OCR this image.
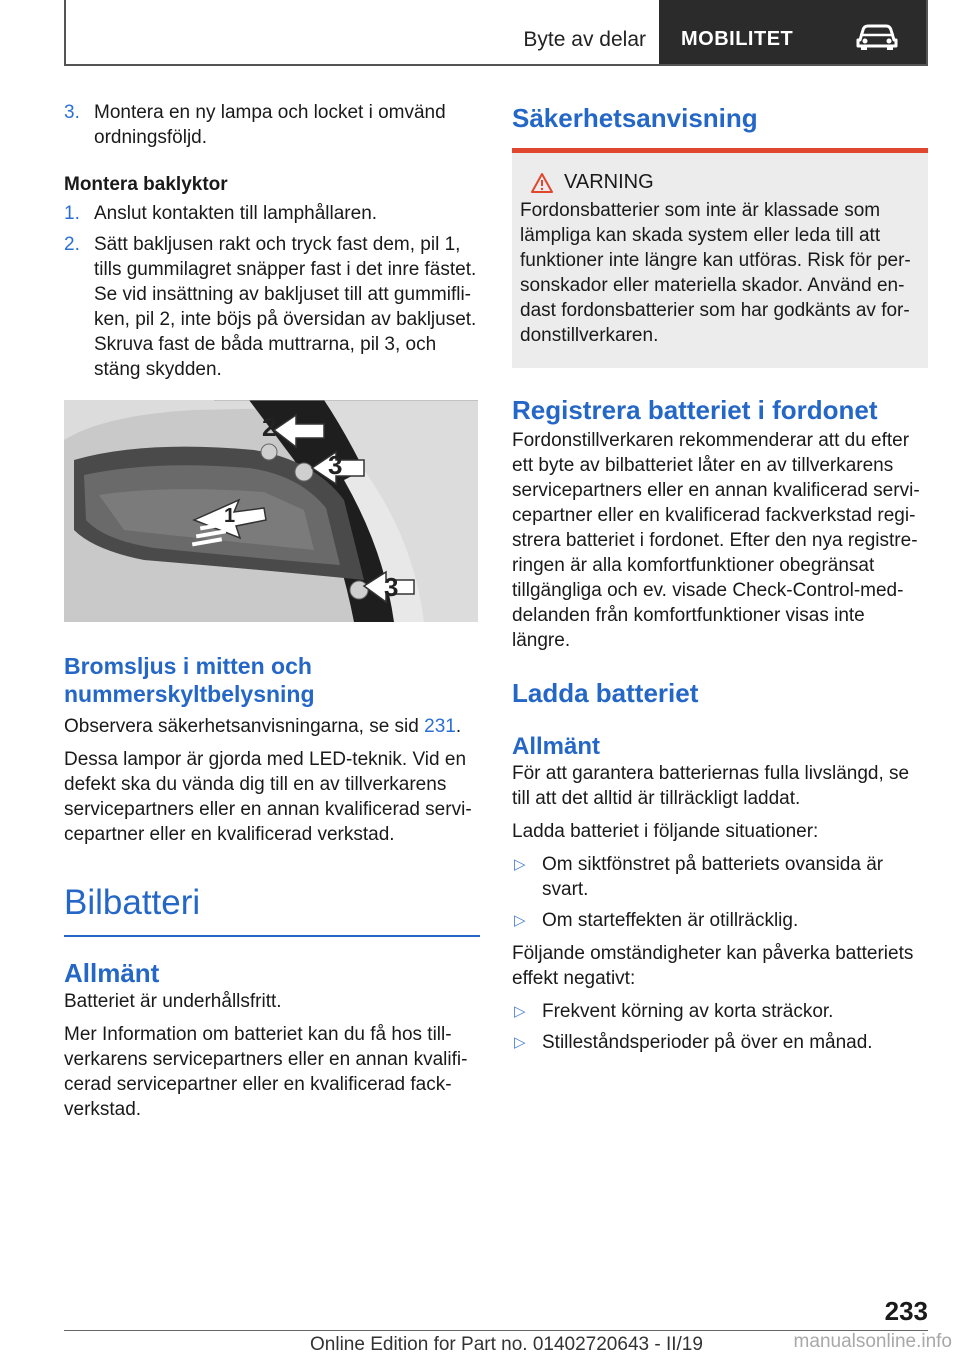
Byte av delar MOBILITET
3. Montera en ny lampa och locket i omvänd ordningsföljd.

Montera baklyktor

1. Anslut kontakten till lamphållaren.
2. Sätt bakljusen rakt och tryck fast dem, pil 1, tills gummilagret snäpper fast i det inre fästet. Se vid insättning av bakljuset till att gummifliken, pil 2, inte böjs på översidan av bakljuset. Skruva fast de båda muttrarna, pil 3, och stäng skydden.
2
3
1
3
Bromsljus i mitten och
nummerskyltbelysning

Observera säkerhetsanvisningarna, se sid 231.

Dessa lampor är gjorda med LED-teknik. Vid en defekt ska du vända dig till en av tillverkarens servicepartners eller en annan kvalificerad servicepartner eller en kvalificerad verkstad.

Bilbatteri
Allmänt

Batteriet är underhållsfritt.

Mer Information om batteriet kan du få hos tillverkarens servicepartners eller en annan kvalificerad servicepartner eller en kvalificerad fackverkstad.

Säkerhetsanvisning
VARNING

Fordonsbatterier som inte är klassade som lämpliga kan skada system eller leda till att funktioner inte längre kan utföras. Risk för personskador eller materiella skador. Använd endast fordonsbatterier som har godkänts av fordonstillverkaren.

Registrera batteriet i fordonet

Fordonstillverkaren rekommenderar att du efter ett byte av bilbatteriet låter en av tillverkarens servicepartners eller en annan kvalificerad servicepartner eller en kvalificerad fackverkstad registrera batteriet i fordonet. Efter den nya registreringen är alla komfortfunktioner obegränsat tillgängliga och ev. visade Check-Control-meddelanden från komfortfunktioner visas inte längre.

Ladda batteriet
Allmänt

För att garantera batteriernas fulla livslängd, se till att det alltid är tillräckligt laddat.

Ladda batteriet i följande situationer:

▷ Om siktfönstret på batteriets ovansida är svart.
▷ Om starteffekten är otillräcklig.

Följande omständigheter kan påverka batteriets effekt negativt:

▷ Frekvent körning av korta sträckor.
▷ Stilleståndsperioder på över en månad.
233
Online Edition for Part no. 01402720643 - II/19	manualsonline.info
